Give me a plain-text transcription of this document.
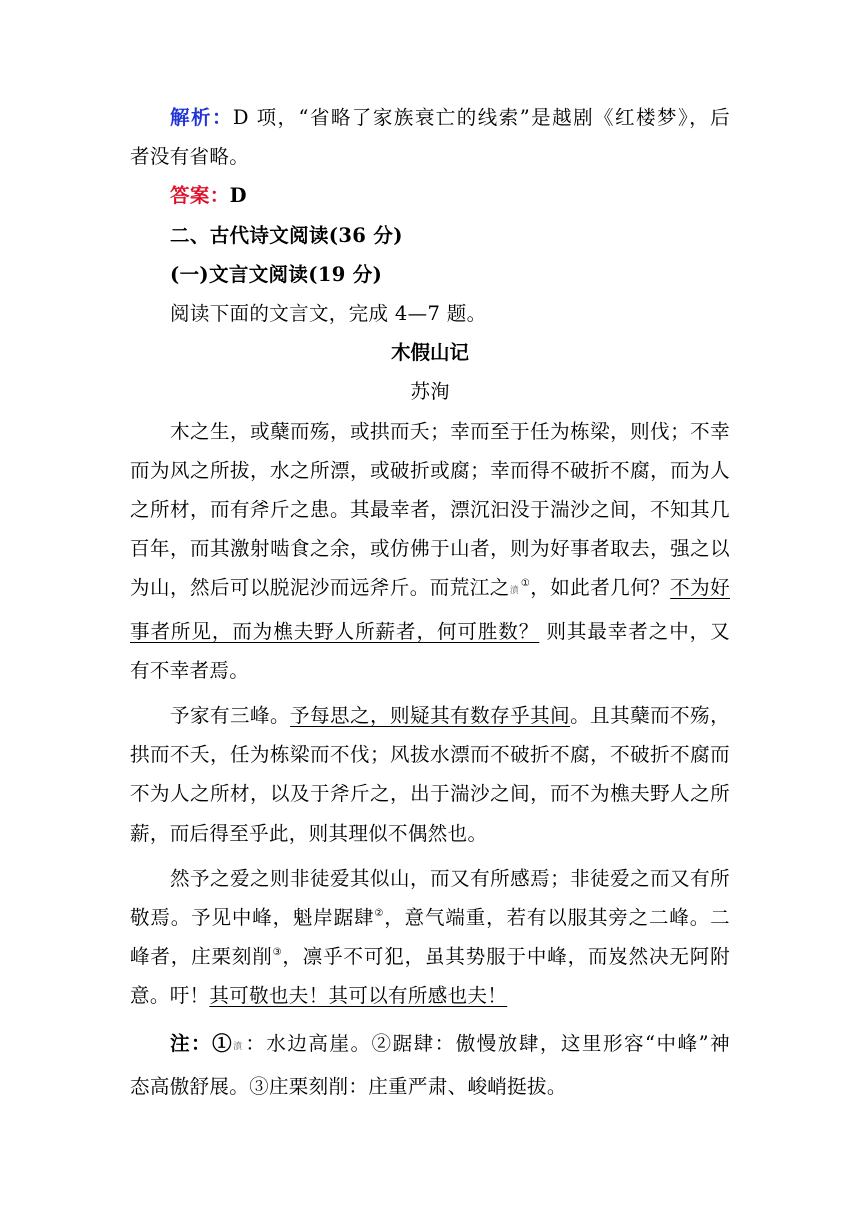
解析：D 项，“省略了家族衰亡的线索”是越剧《红楼梦》，后
者没有省略。
答案：D
二、古代诗文阅读(36 分)
(一)文言文阅读(19 分)
阅读下面的文言文，完成 4—7 题。
木假山记
苏洵
木之生，或蘖而殇，或拱而夭；幸而至于任为栋梁，则伐；不幸
而为风之所拔，水之所漂，或破折或腐；幸而得不破折不腐，而为人
之所材，而有斧斤之患。其最幸者，漂沉汩没于湍沙之间，不知其几
百年，而其激射啮食之余，或仿佛于山者，则为好事者取去，强之以
为山，然后可以脱泥沙而远斧斤。而荒江之濆①，如此者几何？不为好
事者所见，而为樵夫野人所薪者，何可胜数？ 则其最幸者之中，又
有不幸者焉。
予家有三峰。予每思之，则疑其有数存乎其间。且其蘖而不殇，
拱而不夭，任为栋梁而不伐；风拔水漂而不破折不腐，不破折不腐而
不为人之所材，以及于斧斤之，出于湍沙之间，而不为樵夫野人之所
薪，而后得至乎此，则其理似不偶然也。
然予之爱之则非徒爱其似山，而又有所感焉；非徒爱之而又有所
敬焉。予见中峰，魁岸踞肆②，意气端重，若有以服其旁之二峰。二
峰者，庄栗刻削③，凛乎不可犯，虽其势服于中峰，而岌然决无阿附
意。吁！其可敬也夫！其可以有所感也夫！
注：①濆：水边高崖。②踞肆：傲慢放肆，这里形容“中峰”神
态高傲舒展。③庄栗刻削：庄重严肃、峻峭挺拔。
